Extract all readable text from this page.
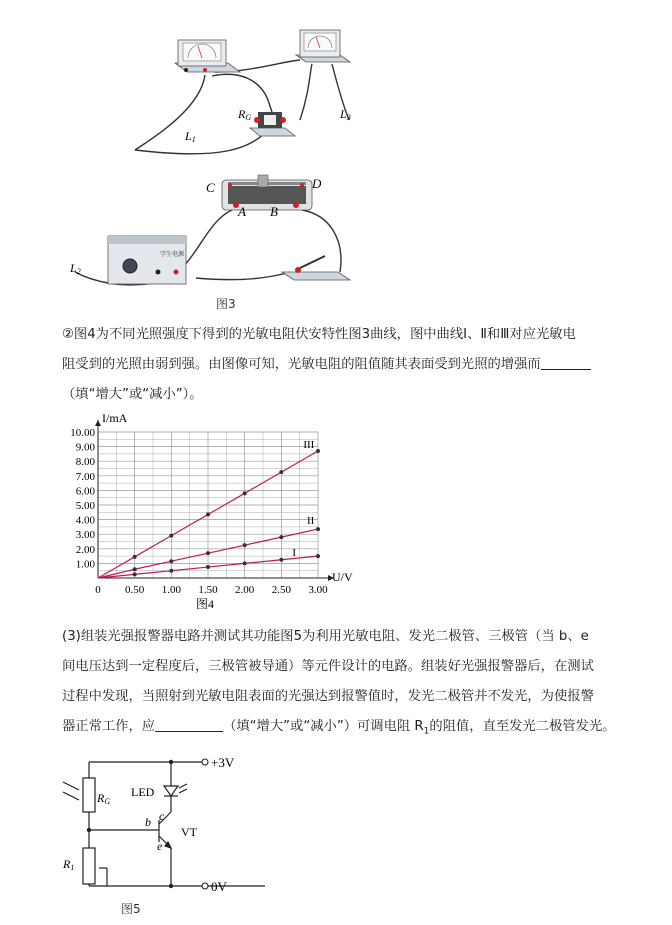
RG
L1
L3
C	D
A B
学生电源
L2
图3
②图4为不同光照强度下得到的光敏电阻伏安特性图3曲线，图中曲线Ⅰ、Ⅱ和Ⅲ对应光敏电
阻受到的光照由弱到强。由图像可知，光敏电阻的阻值随其表面受到光照的增强而
（填“增大”或“减小”）。
0 0.50 1.00 1.50 2.00 2.50 3.00
1.00
2.00
3.00
4.00
5.00
6.00
7.00
8.00
9.00
10.00
I/mA
U/V
I
II
III
图4
(3)组装光强报警器电路并测试其功能图5为利用光敏电阻、发光二极管、三极管（当 b、e
间电压达到一定程度后，三极管被导通）等元件设计的电路。组装好光强报警器后，在测试
过程中发现，当照射到光敏电阻表面的光强达到报警值时，发光二极管并不发光，为使报警
器正常工作，应	（填“增大”或“减小”）可调电阻 $R_1$的阻值，直至发光二极管发光。
+3V
0V
RG
R1
LED
VT
b c
e
图5
